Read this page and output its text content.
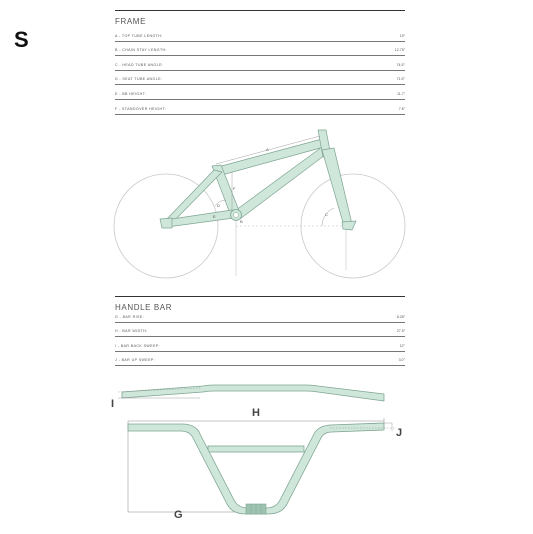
S
FRAME
A - TOP TUBE LENGTH:	19"
B - CHAIN STAY LENGTH:	12.75"
C - HEAD TUBE ANGLE:	74.5°
D - SEAT TUBE ANGLE:	71.5°
E - BB HEIGHT:	11.7"
F - STANDOVER HEIGHT:	7.6"
HANDLE BAR
G - BAR RISE:	8.25"
H - BAR WIDTH:	27.5"
I - BAR BACK SWEEP:	12°
J - BAR UP SWEEP:	3.0°
A
B
C
D
E
F
I
H
G
J
